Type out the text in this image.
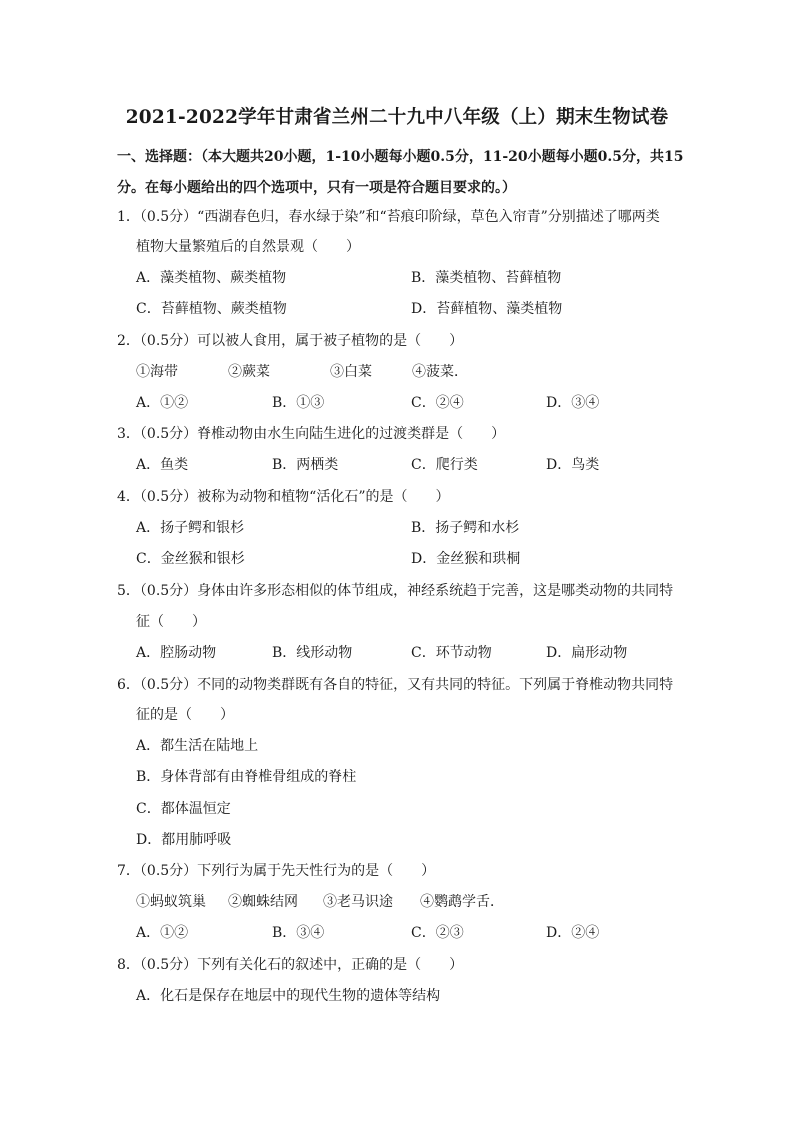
2021-2022学年甘肃省兰州二十九中八年级（上）期末生物试卷
一、选择题：（本大题共20小题，1-10小题每小题0.5分，11-20小题每小题0.5分，共15
分。在每小题给出的四个选项中，只有一项是符合题目要求的。）
1．（0.5分）“西湖春色归，春水绿于染”和“苔痕印阶绿，草色入帘青”分别描述了哪两类
植物大量繁殖后的自然景观（　　）
A．藻类植物、蕨类植物	B．藻类植物、苔藓植物
C．苔藓植物、蕨类植物	D．苔藓植物、藻类植物
2．（0.5分）可以被人食用，属于被子植物的是（　　）
①海带	②蕨菜	③白菜	④菠菜．
A．①②	B．①③	C．②④	D．③④
3．（0.5分）脊椎动物由水生向陆生进化的过渡类群是（　　）
A．鱼类	B．两栖类	C．爬行类	D．鸟类
4．（0.5分）被称为动物和植物“活化石”的是（　　）
A．扬子鳄和银杉	B．扬子鳄和水杉
C．金丝猴和银杉	D．金丝猴和珙桐
5．（0.5分）身体由许多形态相似的体节组成，神经系统趋于完善，这是哪类动物的共同特
征（　　）
A．腔肠动物	B．线形动物	C．环节动物	D．扁形动物
6．（0.5分）不同的动物类群既有各自的特征，又有共同的特征。下列属于脊椎动物共同特
征的是（　　）
A．都生活在陆地上
B．身体背部有由脊椎骨组成的脊柱
C．都体温恒定
D．都用肺呼吸
7．（0.5分）下列行为属于先天性行为的是（　　）
①蚂蚁筑巢 ②蜘蛛结网 ③老马识途 ④鹦鹉学舌．
A．①②	B．③④	C．②③	D．②④
8．（0.5分）下列有关化石的叙述中，正确的是（　　）
A．化石是保存在地层中的现代生物的遗体等结构
